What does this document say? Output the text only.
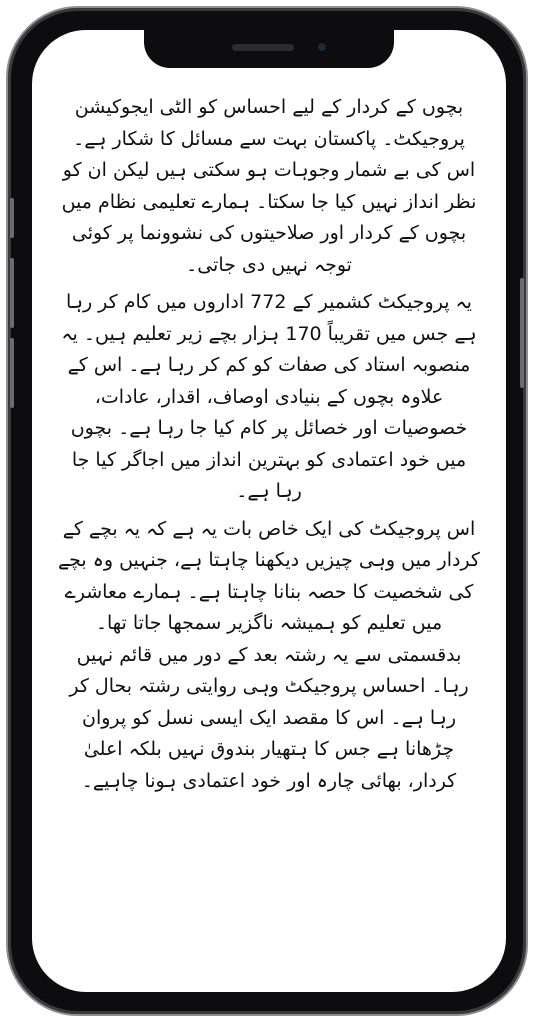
بچوں کے کردار کے لیے احساس کو الٹی ایجوکیشن پروجیکٹ۔ پاکستان بہت سے مسائل کا شکار ہے۔ اس کی بے شمار وجوہات ہو سکتی ہیں لیکن ان کو نظر انداز نہیں کیا جا سکتا۔ ہمارے تعلیمی نظام میں بچوں کے کردار اور صلاحیتوں کی نشوونما پر کوئی توجہ نہیں دی جاتی۔

یہ پروجیکٹ کشمیر کے 772 اداروں میں کام کر رہا ہے جس میں تقریباً 170 ہزار بچے زیر تعلیم ہیں۔ یہ منصوبہ استاد کی صفات کو کم کر رہا ہے۔ اس کے علاوہ بچوں کے بنیادی اوصاف، اقدار، عادات، خصوصیات اور خصائل پر کام کیا جا رہا ہے۔ بچوں میں خود اعتمادی کو بہترین انداز میں اجاگر کیا جا رہا ہے۔

اس پروجیکٹ کی ایک خاص بات یہ ہے کہ یہ بچے کے کردار میں وہی چیزیں دیکھنا چاہتا ہے، جنہیں وہ بچے کی شخصیت کا حصہ بنانا چاہتا ہے۔ ہمارے معاشرے میں تعلیم کو ہمیشہ ناگزیر سمجھا جاتا تھا۔ بدقسمتی سے یہ رشتہ بعد کے دور میں قائم نہیں رہا۔ احساس پروجیکٹ وہی روایتی رشتہ بحال کر رہا ہے۔ اس کا مقصد ایک ایسی نسل کو پروان چڑھانا ہے جس کا ہتھیار بندوق نہیں بلکہ اعلیٰ کردار، بھائی چارہ اور خود اعتمادی ہونا چاہیے۔
